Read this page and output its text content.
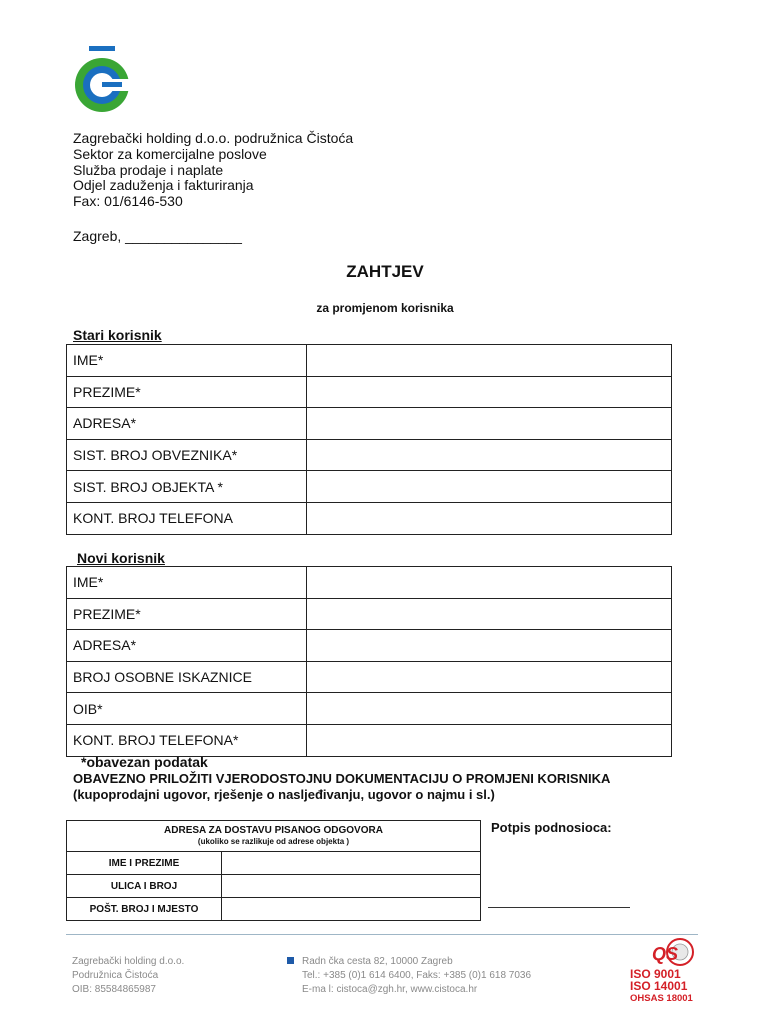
Zagrebački holding d.o.o. podružnica Čistoća
Sektor za komercijalne poslove
Služba prodaje i naplate
Odjel zaduženja i fakturiranja
Fax: 01/6146-530
Zagreb, _______________
ZAHTJEV
za promjenom korisnika
Stari korisnik
IME*	
PREZIME*	
ADRESA*	
SIST. BROJ OBVEZNIKA*	
SIST. BROJ OBJEKTA *	
KONT. BROJ TELEFONA	
Novi korisnik
IME*	
PREZIME*	
ADRESA*	
BROJ OSOBNE ISKAZNICE	
OIB*	
KONT. BROJ TELEFONA*	
*obavezan podatak
OBAVEZNO PRILOŽITI VJERODOSTOJNU DOKUMENTACIJU O PROMJENI KORISNIKA
(kupoprodajni ugovor, rješenje o nasljeđivanju, ugovor o najmu i sl.)
ADRESA ZA DOSTAVU PISANOG ODGOVORA
(ukoliko se razlikuje od adrese objekta )	

IME I PREZIME	
ULICA I BROJ	
POŠT. BROJ I MJESTO	
Potpis podnosioca:
Zagrebački holding d.o.o.
Podružnica Čistoća
OIB: 85584865987
Radn čka cesta 82, 10000 Zagreb
Tel.: +385 (0)1 614 6400, Faks: +385 (0)1 618 7036
E-ma l: cistoca@zgh.hr, www.cistoca.hr
QS
ISO 9001
ISO 14001
OHSAS 18001
